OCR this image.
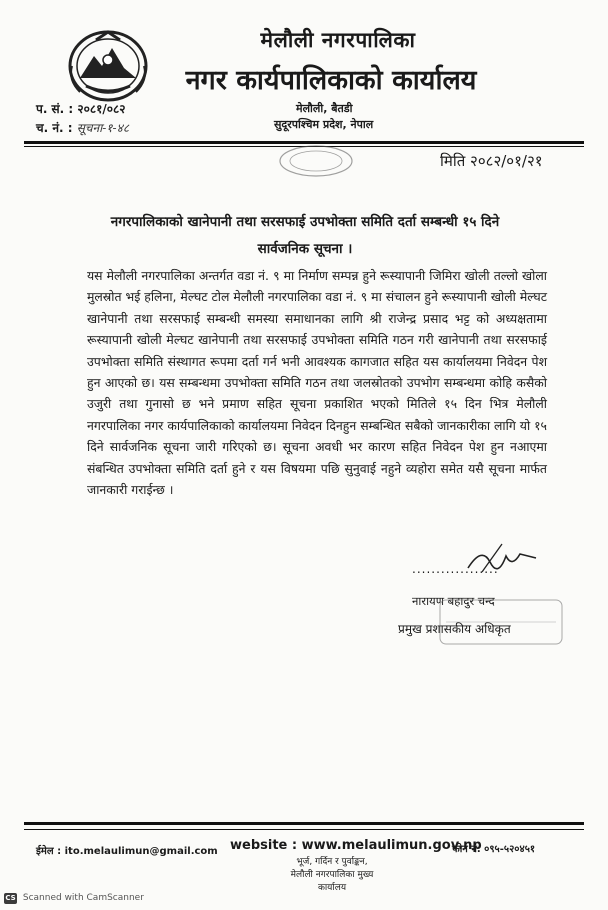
मेलौली नगरपालिका
नगर कार्यपालिकाको कार्यालय
मेलौली, बैतडी
सुदूरपश्चिम प्रदेश, नेपाल
प. सं. : २०८१/०८२
च. नं. : सूचना-१-४८
मिति २०८२/०१/२१
नगरपालिकाको खानेपानी तथा सरसफाई उपभोक्ता समिति दर्ता सम्बन्धी १५ दिने
सार्वजनिक सूचना ।
यस मेलौली नगरपालिका अन्तर्गत वडा नं. ९ मा निर्माण सम्पन्न हुने रूस्यापानी जिमिरा खोली तल्लो खोला मुलस्रोत भई हलिना, मेल्घट टोल मेलौली नगरपालिका वडा नं. ९ मा संचालन हुने रूस्यापानी खोली मेल्घट खानेपानी तथा सरसफाई सम्बन्धी समस्या समाधानका लागि श्री राजेन्द्र प्रसाद भट्ट को अध्यक्षतामा रूस्यापानी खोली मेल्घट खानेपानी तथा सरसफाई उपभोक्ता समिति गठन गरी खानेपानी तथा सरसफाई उपभोक्ता समिति संस्थागत रूपमा दर्ता गर्न भनी आवश्यक कागजात सहित यस कार्यालयमा निवेदन पेश हुन आएको छ। यस सम्बन्धमा उपभोक्ता समिति गठन तथा जलस्रोतको उपभोग सम्बन्धमा कोहि कसैको उजुरी तथा गुनासो छ भने प्रमाण सहित सूचना प्रकाशित भएको मितिले १५ दिन भित्र मेलौली नगरपालिका नगर कार्यपालिकाको कार्यालयमा निवेदन दिनहुन सम्बन्धित सबैको जानकारीका लागि यो १५ दिने सार्वजनिक सूचना जारी गरिएको छ। सूचना अवधी भर कारण सहित निवेदन पेश हुन नआएमा संबन्धित उपभोक्ता समिति दर्ता हुने र यस विषयमा पछि सुनुवाई नहुने व्यहोरा समेत यसै सूचना मार्फत जानकारी गराईन्छ ।
..................
नारायण बहादुर चन्द
प्रमुख प्रशासकीय अधिकृत
ईमेल : ito.melaulimun@gmail.com website : www.melaulimun.gov.np
फोन नं. ०९५-५२०४५१
भूर्ज, गर्दिन र पुर्वाङ्कन,
मेलौली नगरपालिका मुख्य कार्यालय
CS Scanned with CamScanner
